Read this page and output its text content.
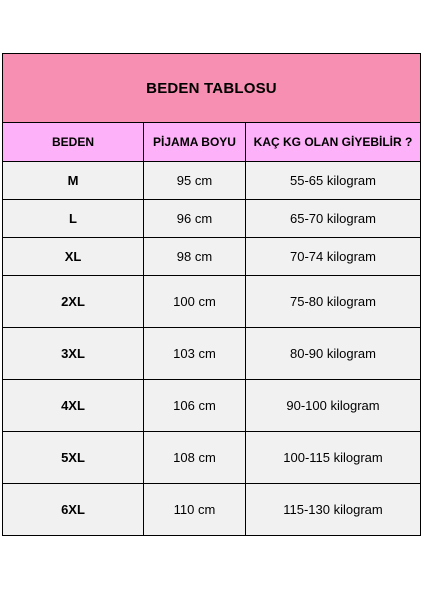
BEDEN TABLOSU		
BEDEN	PİJAMA BOYU	KAÇ KG OLAN GİYEBİLİR ?
M	95 cm	55-65 kilogram
L	96 cm	65-70 kilogram
XL	98 cm	70-74 kilogram
2XL	100 cm	75-80 kilogram
3XL	103 cm	80-90 kilogram
4XL	106 cm	90-100 kilogram
5XL	108 cm	100-115 kilogram
6XL	110 cm	115-130 kilogram
